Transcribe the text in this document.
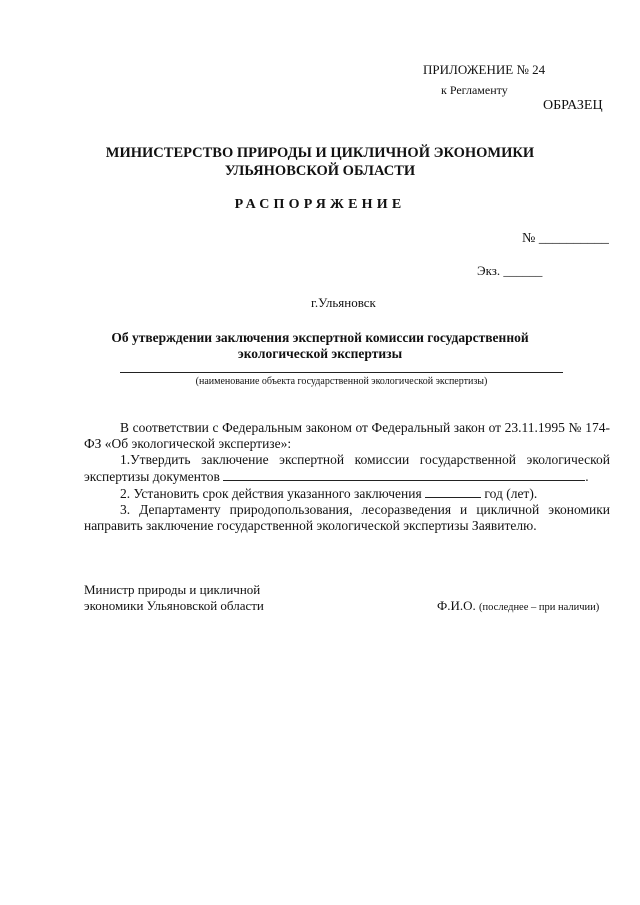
ПРИЛОЖЕНИЕ № 24
к Регламенту
ОБРАЗЕЦ
МИНИСТЕРСТВО ПРИРОДЫ И ЦИКЛИЧНОЙ ЭКОНОМИКИ
УЛЬЯНОВСКОЙ ОБЛАСТИ
РАСПОРЯЖЕНИЕ
№ __________
Экз. ______
г.Ульяновск
Об утверждении заключения экспертной комиссии государственной
экологической экспертизы
(наименование объекта государственной экологической экспертизы)

В соответствии с Федеральным законом от Федеральный закон от 23.11.1995 № 174-ФЗ «Об экологической экспертизе»:

1.Утвердить заключение экспертной комиссии государственной экологической экспертизы документов	.

2. Установить срок действия указанного заключения	год (лет).

3. Департаменту природопользования, лесоразведения и цикличной экономики направить заключение государственной экологической экспертизы Заявителю.

Министр природы и цикличной
экономики Ульяновской области	Ф.И.О. (последнее – при наличии)
